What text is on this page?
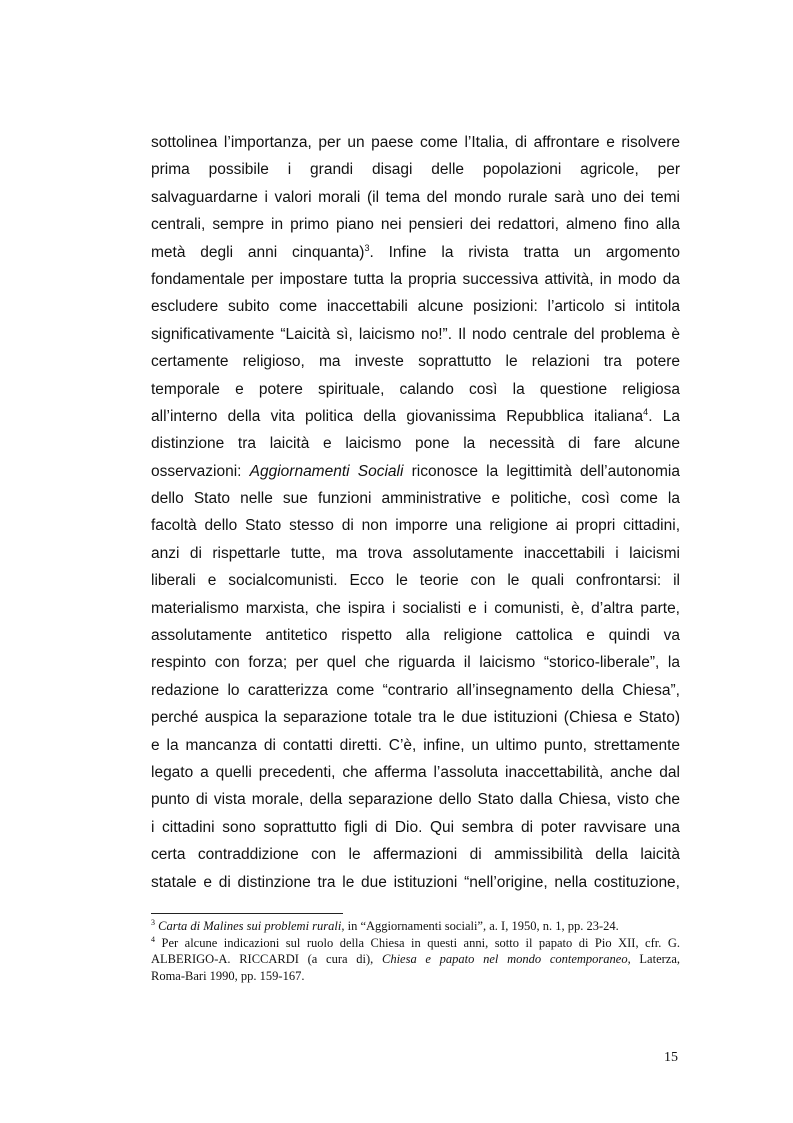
sottolinea l’importanza, per un paese come l’Italia, di affrontare e risolvere
prima possibile i grandi disagi delle popolazioni agricole, per
salvaguardarne i valori morali (il tema del mondo rurale sarà uno dei temi
centrali, sempre in primo piano nei pensieri dei redattori, almeno fino alla
metà degli anni cinquanta)$^3$. Infine la rivista tratta un argomento
fondamentale per impostare tutta la propria successiva attività, in modo da
escludere subito come inaccettabili alcune posizioni: l’articolo si intitola
significativamente “Laicità sì, laicismo no!”. Il nodo centrale del problema è
certamente religioso, ma investe soprattutto le relazioni tra potere
temporale e potere spirituale, calando così la questione religiosa
all’interno della vita politica della giovanissima Repubblica italiana$^4$. La
distinzione tra laicità e laicismo pone la necessità di fare alcune
osservazioni: Aggiornamenti Sociali riconosce la legittimità dell’autonomia
dello Stato nelle sue funzioni amministrative e politiche, così come la
facoltà dello Stato stesso di non imporre una religione ai propri cittadini,
anzi di rispettarle tutte, ma trova assolutamente inaccettabili i laicismi
liberali e socialcomunisti. Ecco le teorie con le quali confrontarsi: il
materialismo marxista, che ispira i socialisti e i comunisti, è, d’altra parte,
assolutamente antitetico rispetto alla religione cattolica e quindi va
respinto con forza; per quel che riguarda il laicismo “storico-liberale”, la
redazione lo caratterizza come “contrario all’insegnamento della Chiesa”,
perché auspica la separazione totale tra le due istituzioni (Chiesa e Stato)
e la mancanza di contatti diretti. C’è, infine, un ultimo punto, strettamente
legato a quelli precedenti, che afferma l’assoluta inaccettabilità, anche dal
punto di vista morale, della separazione dello Stato dalla Chiesa, visto che
i cittadini sono soprattutto figli di Dio. Qui sembra di poter ravvisare una
certa contraddizione con le affermazioni di ammissibilità della laicità
statale e di distinzione tra le due istituzioni “nell’origine, nella costituzione,
$^3$ Carta di Malines sui problemi rurali, in “Aggiornamenti sociali”, a. I, 1950, n. 1, pp. 23-24.
$^4$ Per alcune indicazioni sul ruolo della Chiesa in questi anni, sotto il papato di Pio XII, cfr. G.
ALBERIGO-A. RICCARDI (a cura di), Chiesa e papato nel mondo contemporaneo, Laterza,
Roma-Bari 1990, pp. 159-167.
15
